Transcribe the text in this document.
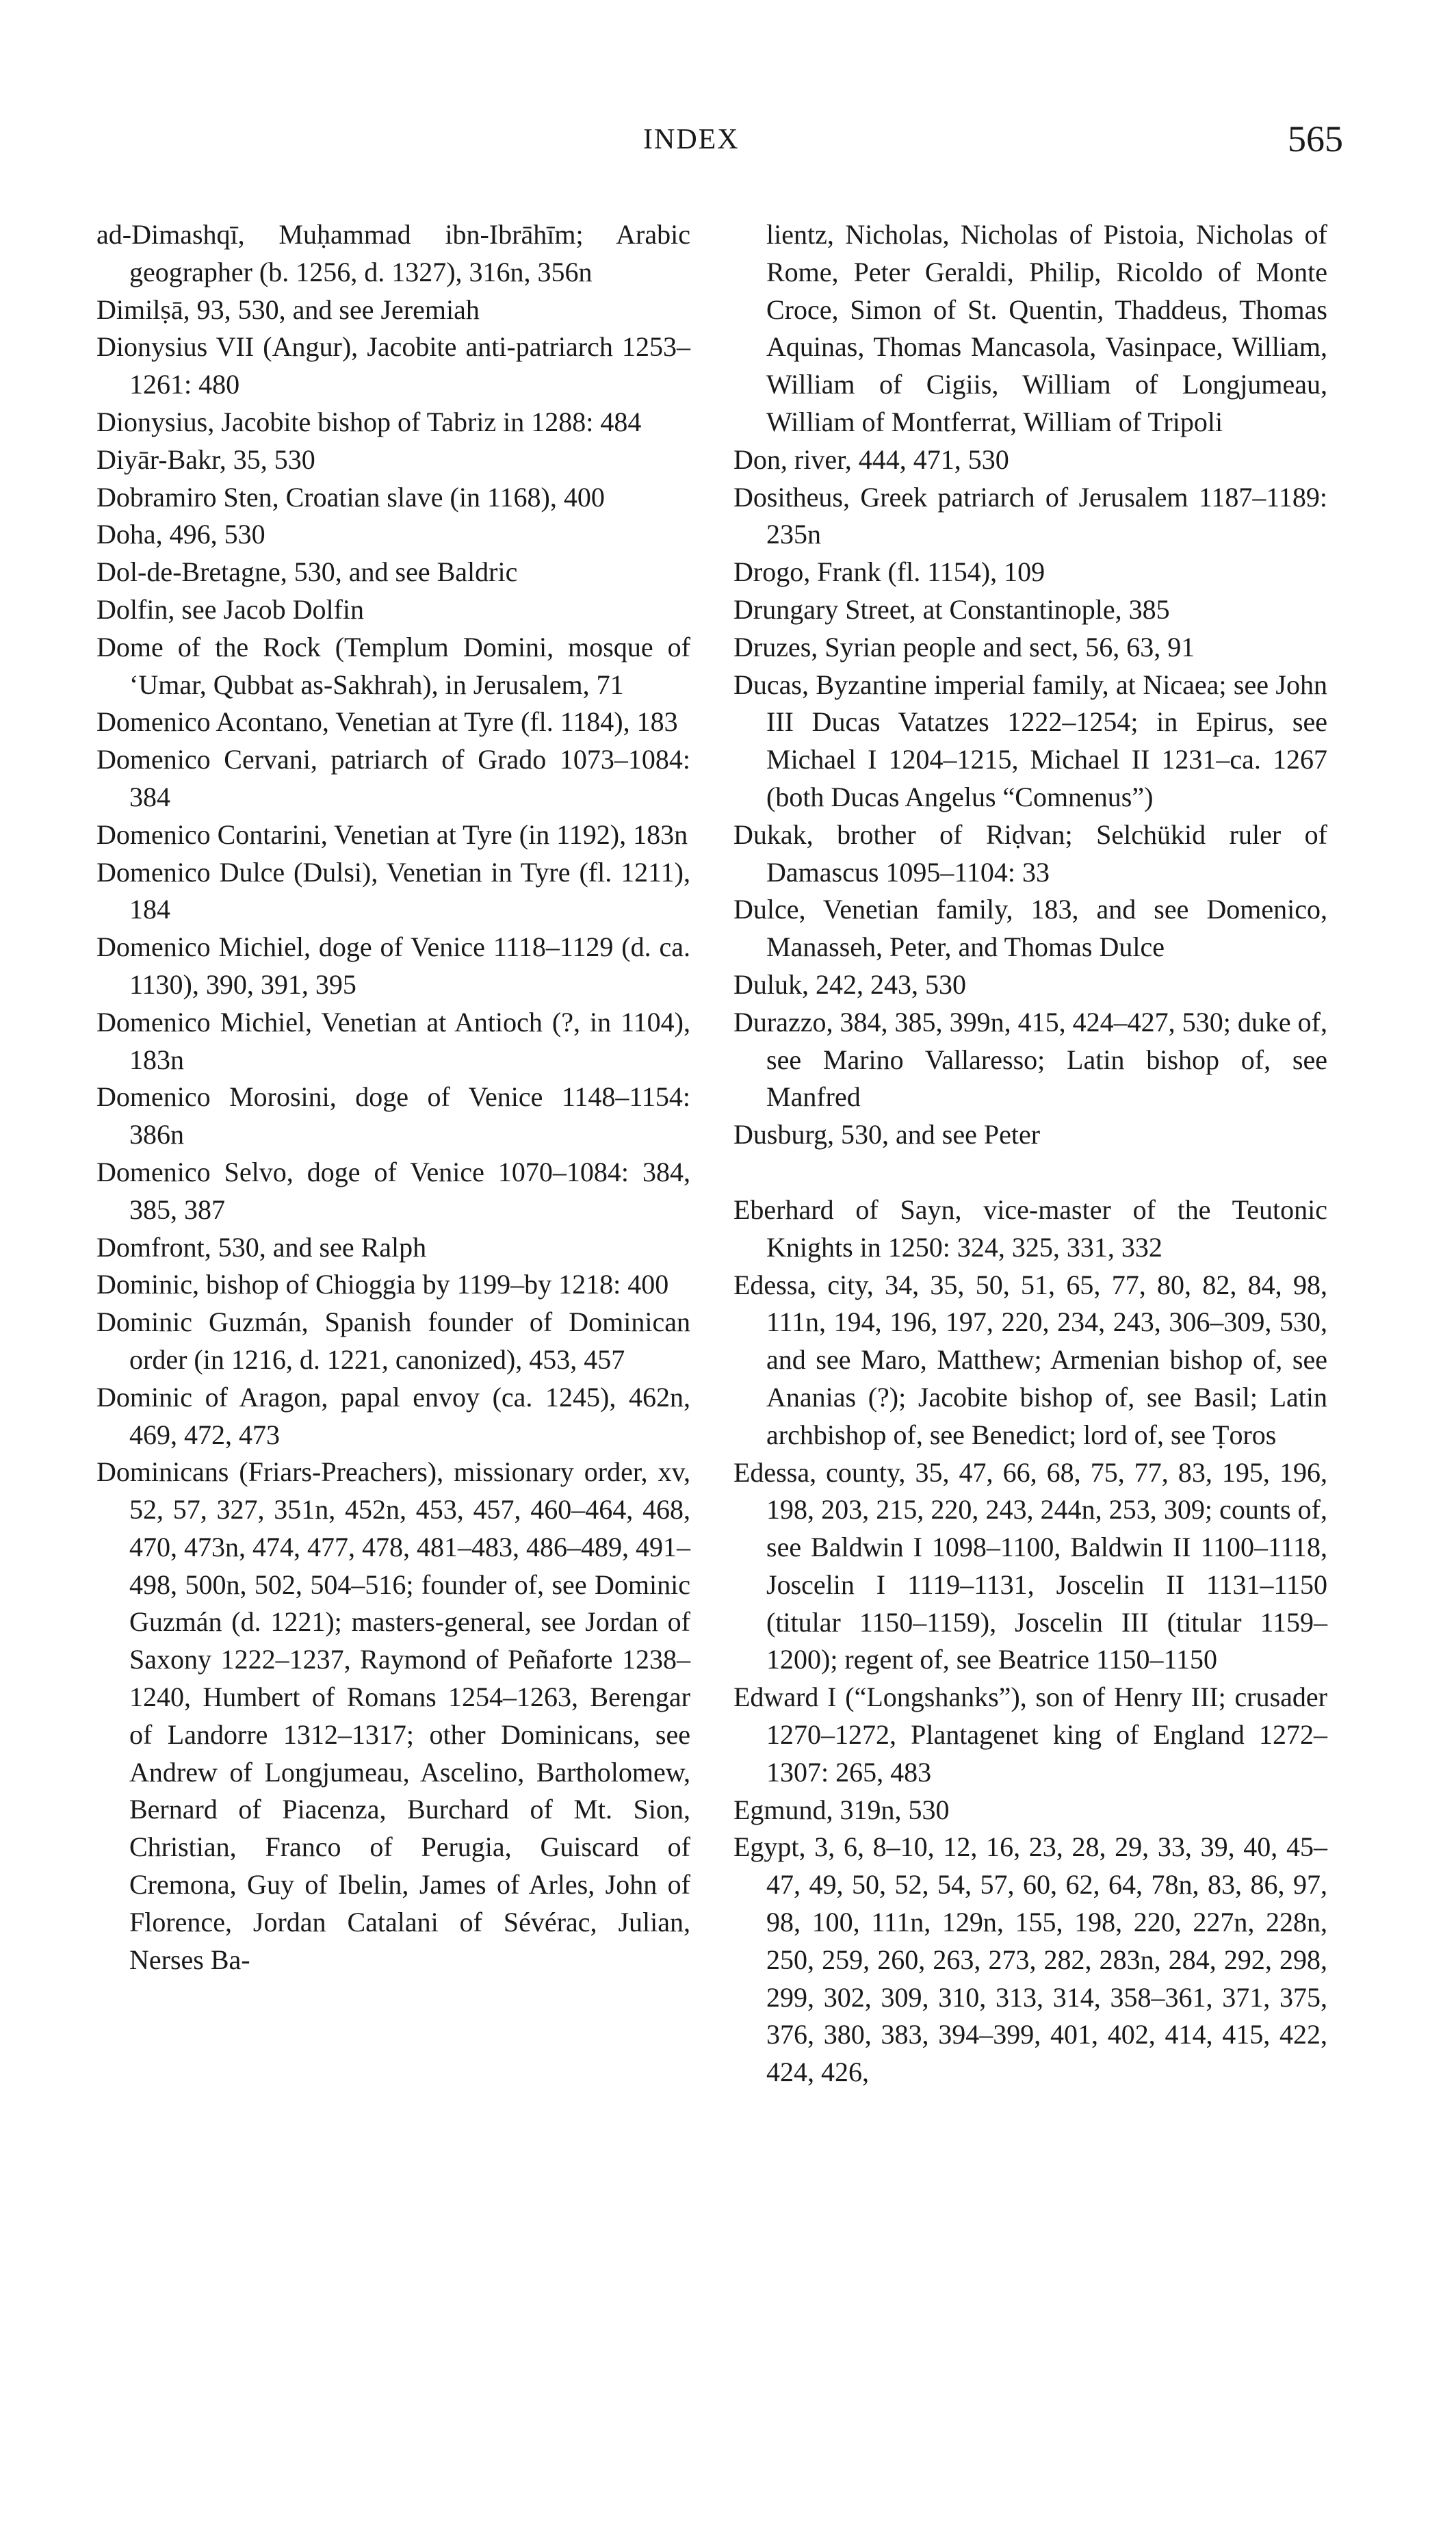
INDEX	565
ad-Dimashqī, Muḥammad ibn-Ibrāhīm; Arabic geographer (b. 1256, d. 1327), 316n, 356n
Dimilṣā, 93, 530, and see Jeremiah
Dionysius VII (Angur), Jacobite anti-patriarch 1253–1261: 480
Dionysius, Jacobite bishop of Tabriz in 1288: 484
Diyār-Bakr, 35, 530
Dobramiro Sten, Croatian slave (in 1168), 400
Doha, 496, 530
Dol-de-Bretagne, 530, and see Baldric
Dolfin, see Jacob Dolfin
Dome of the Rock (Templum Domini, mosque of ‘Umar, Qubbat as-Sakhrah), in Jerusalem, 71
Domenico Acontano, Venetian at Tyre (fl. 1184), 183
Domenico Cervani, patriarch of Grado 1073–1084: 384
Domenico Contarini, Venetian at Tyre (in 1192), 183n
Domenico Dulce (Dulsi), Venetian in Tyre (fl. 1211), 184
Domenico Michiel, doge of Venice 1118–1129 (d. ca. 1130), 390, 391, 395
Domenico Michiel, Venetian at Antioch (?, in 1104), 183n
Domenico Morosini, doge of Venice 1148–1154: 386n
Domenico Selvo, doge of Venice 1070–1084: 384, 385, 387
Domfront, 530, and see Ralph
Dominic, bishop of Chioggia by 1199–by 1218: 400
Dominic Guzmán, Spanish founder of Dominican order (in 1216, d. 1221, canonized), 453, 457
Dominic of Aragon, papal envoy (ca. 1245), 462n, 469, 472, 473
Dominicans (Friars-Preachers), missionary order, xv, 52, 57, 327, 351n, 452n, 453, 457, 460–464, 468, 470, 473n, 474, 477, 478, 481–483, 486–489, 491–498, 500n, 502, 504–516; founder of, see Dominic Guzmán (d. 1221); masters-general, see Jordan of Saxony 1222–1237, Raymond of Peñaforte 1238–1240, Humbert of Romans 1254–1263, Berengar of Landorre 1312–1317; other Dominicans, see Andrew of Longjumeau, Ascelino, Bartholomew, Bernard of Piacenza, Burchard of Mt. Sion, Christian, Franco of Perugia, Guiscard of Cremona, Guy of Ibelin, James of Arles, John of Florence, Jordan Catalani of Sévérac, Julian, Nerses Ba-
lientz, Nicholas, Nicholas of Pistoia, Nicholas of Rome, Peter Geraldi, Philip, Ricoldo of Monte Croce, Simon of St. Quentin, Thaddeus, Thomas Aquinas, Thomas Mancasola, Vasinpace, William, William of Cigiis, William of Longjumeau, William of Montferrat, William of Tripoli
Don, river, 444, 471, 530
Dositheus, Greek patriarch of Jerusalem 1187–1189: 235n
Drogo, Frank (fl. 1154), 109
Drungary Street, at Constantinople, 385
Druzes, Syrian people and sect, 56, 63, 91
Ducas, Byzantine imperial family, at Nicaea; see John III Ducas Vatatzes 1222–1254; in Epirus, see Michael I 1204–1215, Michael II 1231–ca. 1267 (both Ducas Angelus “Comnenus”)
Dukak, brother of Riḍvan; Selchükid ruler of Damascus 1095–1104: 33
Dulce, Venetian family, 183, and see Domenico, Manasseh, Peter, and Thomas Dulce
Duluk, 242, 243, 530
Durazzo, 384, 385, 399n, 415, 424–427, 530; duke of, see Marino Vallaresso; Latin bishop of, see Manfred
Dusburg, 530, and see Peter
Eberhard of Sayn, vice-master of the Teutonic Knights in 1250: 324, 325, 331, 332
Edessa, city, 34, 35, 50, 51, 65, 77, 80, 82, 84, 98, 111n, 194, 196, 197, 220, 234, 243, 306–309, 530, and see Maro, Matthew; Armenian bishop of, see Ananias (?); Jacobite bishop of, see Basil; Latin archbishop of, see Benedict; lord of, see Ṭoros
Edessa, county, 35, 47, 66, 68, 75, 77, 83, 195, 196, 198, 203, 215, 220, 243, 244n, 253, 309; counts of, see Baldwin I 1098–1100, Baldwin II 1100–1118, Joscelin I 1119–1131, Joscelin II 1131–1150 (titular 1150–1159), Joscelin III (titular 1159–1200); regent of, see Beatrice 1150–1150
Edward I (“Longshanks”), son of Henry III; crusader 1270–1272, Plantagenet king of England 1272–1307: 265, 483
Egmund, 319n, 530
Egypt, 3, 6, 8–10, 12, 16, 23, 28, 29, 33, 39, 40, 45–47, 49, 50, 52, 54, 57, 60, 62, 64, 78n, 83, 86, 97, 98, 100, 111n, 129n, 155, 198, 220, 227n, 228n, 250, 259, 260, 263, 273, 282, 283n, 284, 292, 298, 299, 302, 309, 310, 313, 314, 358–361, 371, 375, 376, 380, 383, 394–399, 401, 402, 414, 415, 422, 424, 426,
